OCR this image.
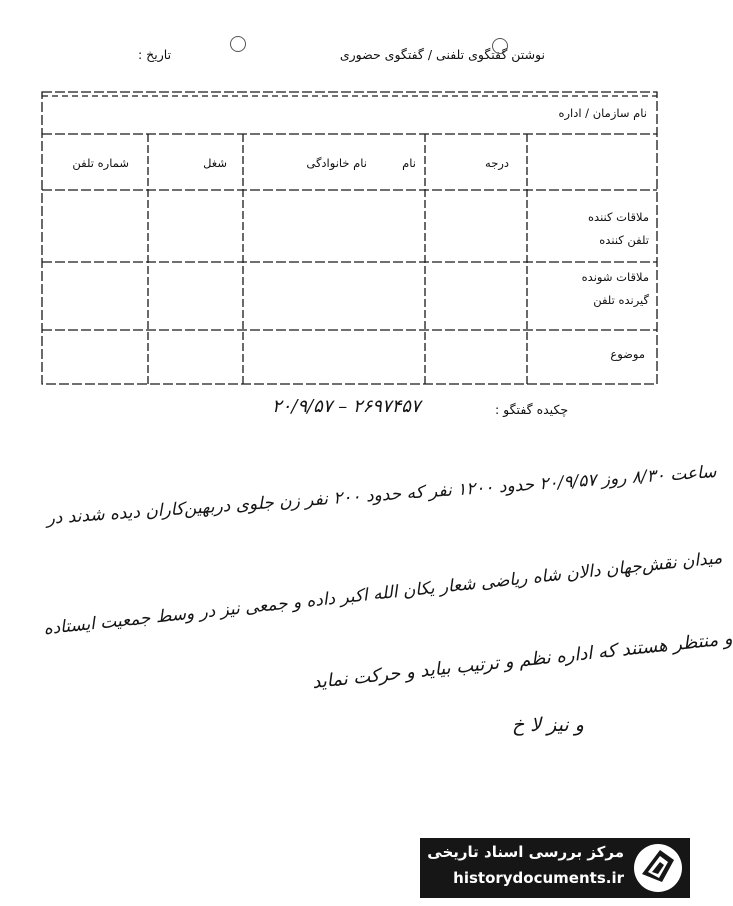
نوشتن گفتگوی تلفنی / گفتگوی حضوری
تاریخ :
نام سازمان / اداره
درجه
نام
نام خانوادگی
شغل
شماره تلفن
ملاقات کننده
تلفن کننده
ملاقات شونده
گیرنده تلفن
موضوع
چکیده گفتگو :
۲۶۹۷۴۵۷ – ۲۰/۹/۵۷
ساعت ۸/۳۰ روز ۲۰/۹/۵۷ حدود ۱۲۰۰ نفر که حدود ۲۰۰ نفر زن جلوی دربهین‌کاران دیده شدند در
میدان نقش‌جهان دالان شاه ریاضی شعار یکان الله اکبر داده و جمعی نیز در وسط جمعیت ایستاده
و منتظر هستند که اداره نظم و ترتیب بیاید و حرکت نماید
و نیز لا خ
مرکز بررسی اسناد تاریخی
historydocuments.ir
